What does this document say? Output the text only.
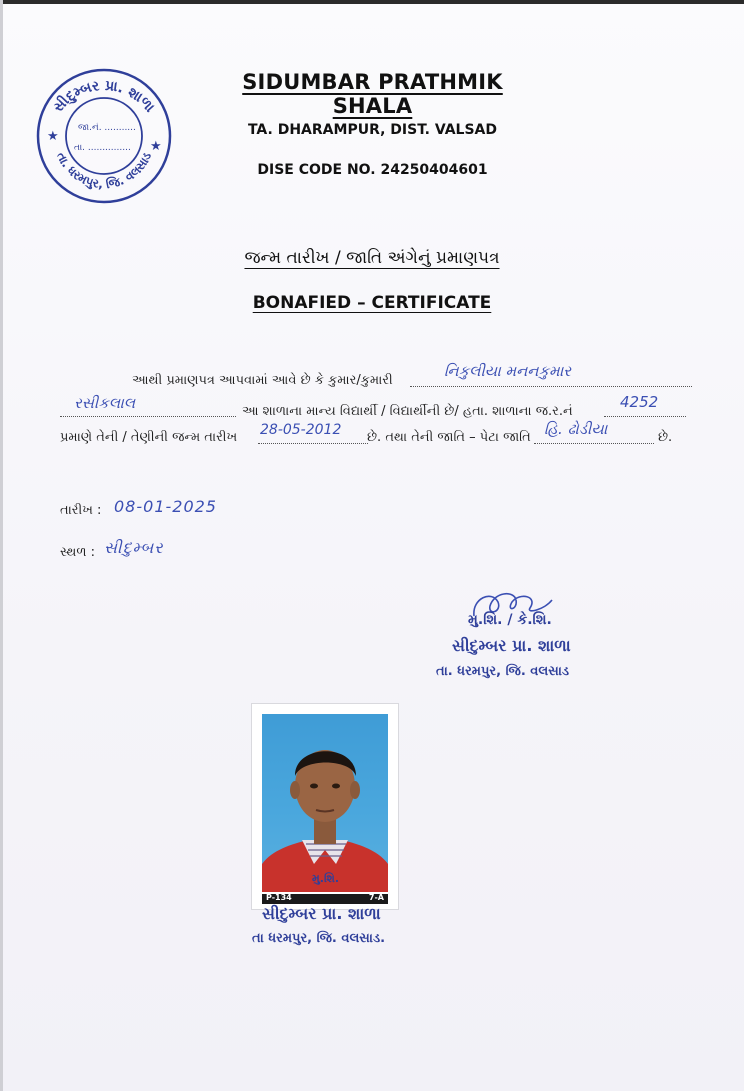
સીદુમ્બર પ્રા. શાળા
તા. ધરમપુર, જિ. વલસાડ
★
★
જા.નં. ...........
તા. ...............
SIDUMBAR PRATHMIK SHALA
TA. DHARAMPUR, DIST. VALSAD
DISE CODE NO. 24250404601
જન્મ તારીખ / જાતિ અંગેનું પ્રમાણપત્ર
BONAFIED – CERTIFICATE
આથી પ્રમાણપત્ર આપવામાં આવે છે કે કુમાર/કુમારી
નિકુલીયા મનનકુમાર
રસીકલાલ	આ શાળાના માન્ય વિદ્યાર્થી / વિદ્યાર્થીની છે/ હતા. શાળાના જ.ર.નં
4252
પ્રમાણે તેની / તેણીની જન્મ તારીખ 28-05-2012 છે. તથા તેની જાતિ – પેટા જાતિ હિ. ઢોડીયા	છે.
તારીખ : 08-01-2025
સ્થળ : સીદુમ્બર
મુ.શિ. / કે.શિ.
સીદુમ્બર પ્રા. શાળા
તા. ધરમપુર, જિ. વલસાડ
મુ.શિ.
P-134	7-A
સીદુમ્બર પ્રા. શાળા
તા ધરમપુર, જિ. વલસાડ.
